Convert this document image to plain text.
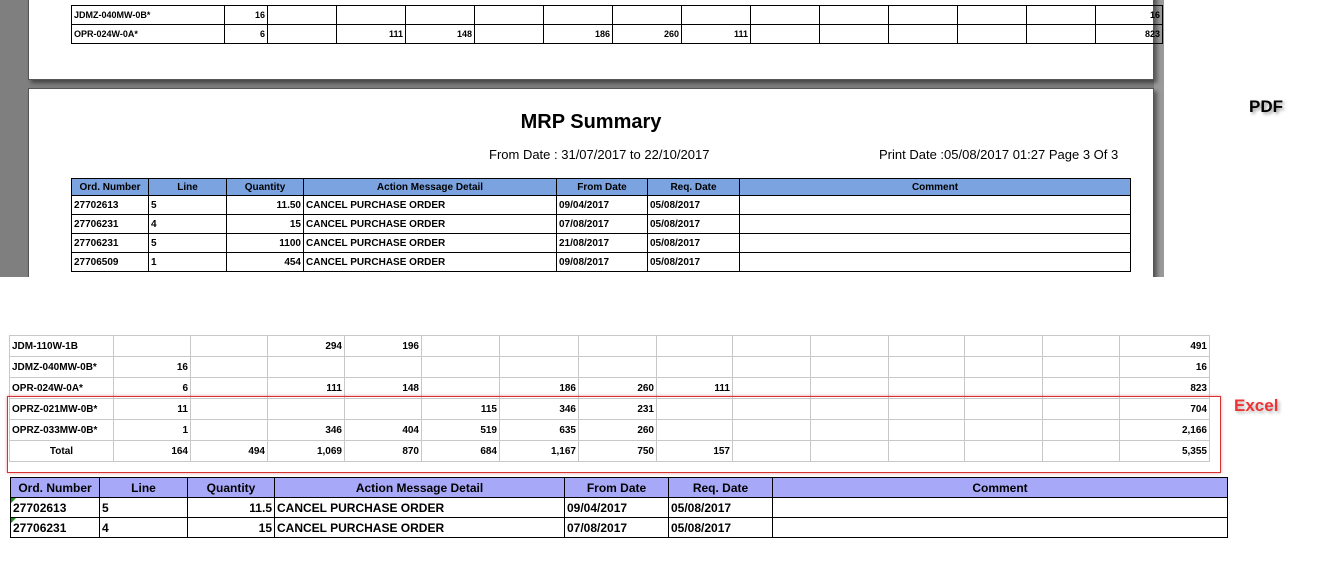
JDMZ-040MW-0B*	16													16
OPR-024W-0A*	6		111	148		186	260	111						823
MRP Summary
From Date : 31/07/2017 to 22/10/2017	Print Date :05/08/2017 01:27 Page 3 Of 3
Ord. Number	Line	Quantity	Action Message Detail	From Date	Req. Date	Comment
27702613	5	11.50	CANCEL PURCHASE ORDER	09/04/2017	05/08/2017	
27706231	4	15	CANCEL PURCHASE ORDER	07/08/2017	05/08/2017	
27706231	5	1100	CANCEL PURCHASE ORDER	21/08/2017	05/08/2017	
27706509	1	454	CANCEL PURCHASE ORDER	09/08/2017	05/08/2017	
PDF
JDM-110W-1B			294	196										491
JDMZ-040MW-0B*	16													16
OPR-024W-0A*	6		111	148		186	260	111						823
OPRZ-021MW-0B*	11				115	346	231							704
OPRZ-033MW-0B*	1		346	404	519	635	260							2,166
Total	164	494	1,069	870	684	1,167	750	157						5,355
Excel
Ord. Number	Line	Quantity	Action Message Detail	From Date	Req. Date	Comment
27702613	5	11.5	CANCEL PURCHASE ORDER	09/04/2017	05/08/2017	
27706231	4	15	CANCEL PURCHASE ORDER	07/08/2017	05/08/2017	
